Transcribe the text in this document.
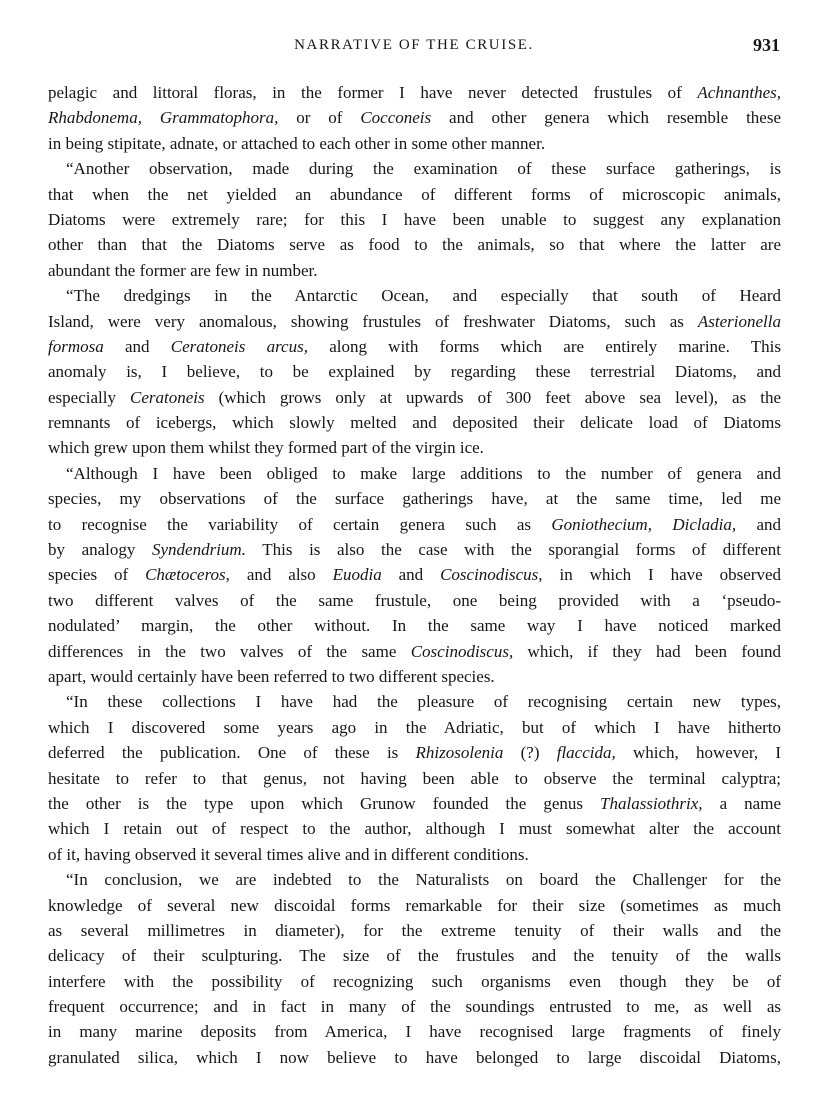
NARRATIVE OF THE CRUISE.	931
pelagic and littoral floras, in the former I have never detected frustules of Achnanthes,
Rhabdonema, Grammatophora, or of Cocconeis and other genera which resemble these
in being stipitate, adnate, or attached to each other in some other manner.
“Another observation, made during the examination of these surface gatherings, is
that when the net yielded an abundance of different forms of microscopic animals,
Diatoms were extremely rare; for this I have been unable to suggest any explanation
other than that the Diatoms serve as food to the animals, so that where the latter are
abundant the former are few in number.
“The dredgings in the Antarctic Ocean, and especially that south of Heard
Island, were very anomalous, showing frustules of freshwater Diatoms, such as Asterionella
formosa and Ceratoneis arcus, along with forms which are entirely marine. This
anomaly is, I believe, to be explained by regarding these terrestrial Diatoms, and
especially Ceratoneis (which grows only at upwards of 300 feet above sea level), as the
remnants of icebergs, which slowly melted and deposited their delicate load of Diatoms
which grew upon them whilst they formed part of the virgin ice.
“Although I have been obliged to make large additions to the number of genera and
species, my observations of the surface gatherings have, at the same time, led me
to recognise the variability of certain genera such as Goniothecium, Dicladia, and
by analogy Syndendrium. This is also the case with the sporangial forms of different
species of Chætoceros, and also Euodia and Coscinodiscus, in which I have observed
two different valves of the same frustule, one being provided with a ‘pseudo-
nodulated’ margin, the other without. In the same way I have noticed marked
differences in the two valves of the same Coscinodiscus, which, if they had been found
apart, would certainly have been referred to two different species.
“In these collections I have had the pleasure of recognising certain new types,
which I discovered some years ago in the Adriatic, but of which I have hitherto
deferred the publication. One of these is Rhizosolenia (?) flaccida, which, however, I
hesitate to refer to that genus, not having been able to observe the terminal calyptra;
the other is the type upon which Grunow founded the genus Thalassiothrix, a name
which I retain out of respect to the author, although I must somewhat alter the account
of it, having observed it several times alive and in different conditions.
“In conclusion, we are indebted to the Naturalists on board the Challenger for the
knowledge of several new discoidal forms remarkable for their size (sometimes as much
as several millimetres in diameter), for the extreme tenuity of their walls and the
delicacy of their sculpturing. The size of the frustules and the tenuity of the walls
interfere with the possibility of recognizing such organisms even though they be of
frequent occurrence; and in fact in many of the soundings entrusted to me, as well as
in many marine deposits from America, I have recognised large fragments of finely
granulated silica, which I now believe to have belonged to large discoidal Diatoms,
